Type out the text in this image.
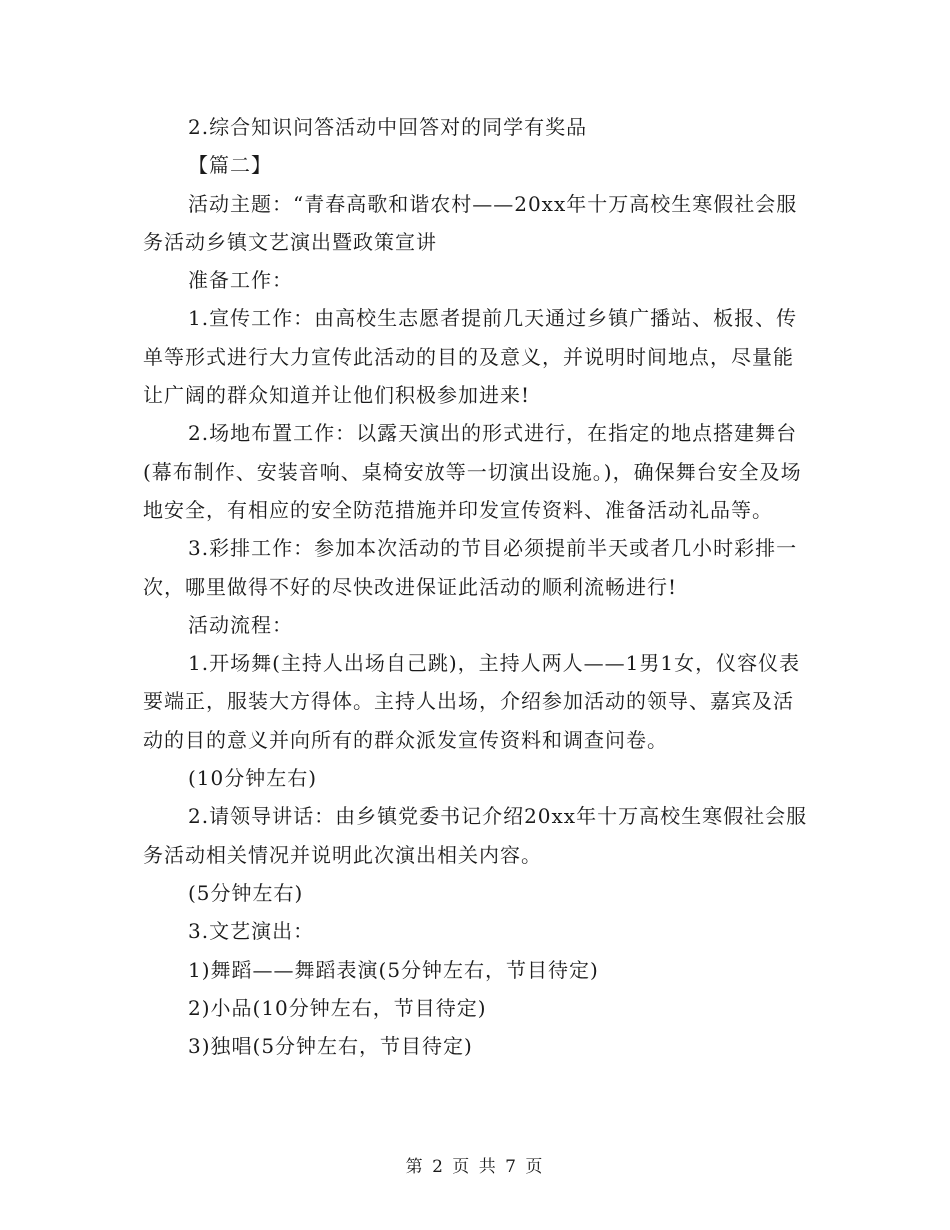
2.综合知识问答活动中回答对的同学有奖品

【篇二】

活动主题：“青春高歌和谐农村——20xx年十万高校生寒假社会服务活动乡镇文艺演出暨政策宣讲

准备工作：

1.宣传工作：由高校生志愿者提前几天通过乡镇广播站、板报、传单等形式进行大力宣传此活动的目的及意义，并说明时间地点，尽量能让广阔的群众知道并让他们积极参加进来!

2.场地布置工作：以露天演出的形式进行，在指定的地点搭建舞台(幕布制作、安装音响、桌椅安放等一切演出设施。)，确保舞台安全及场地安全，有相应的安全防范措施并印发宣传资料、准备活动礼品等。

3.彩排工作：参加本次活动的节目必须提前半天或者几小时彩排一次，哪里做得不好的尽快改进保证此活动的顺利流畅进行!

活动流程：

1.开场舞(主持人出场自己跳)，主持人两人——1男1女，仪容仪表要端正，服装大方得体。主持人出场，介绍参加活动的领导、嘉宾及活动的目的意义并向所有的群众派发宣传资料和调查问卷。

(10分钟左右)

2.请领导讲话：由乡镇党委书记介绍20xx年十万高校生寒假社会服务活动相关情况并说明此次演出相关内容。

(5分钟左右)

3.文艺演出：

1)舞蹈——舞蹈表演(5分钟左右，节目待定)

2)小品(10分钟左右，节目待定)

3)独唱(5分钟左右，节目待定)

第 2 页 共 7 页
